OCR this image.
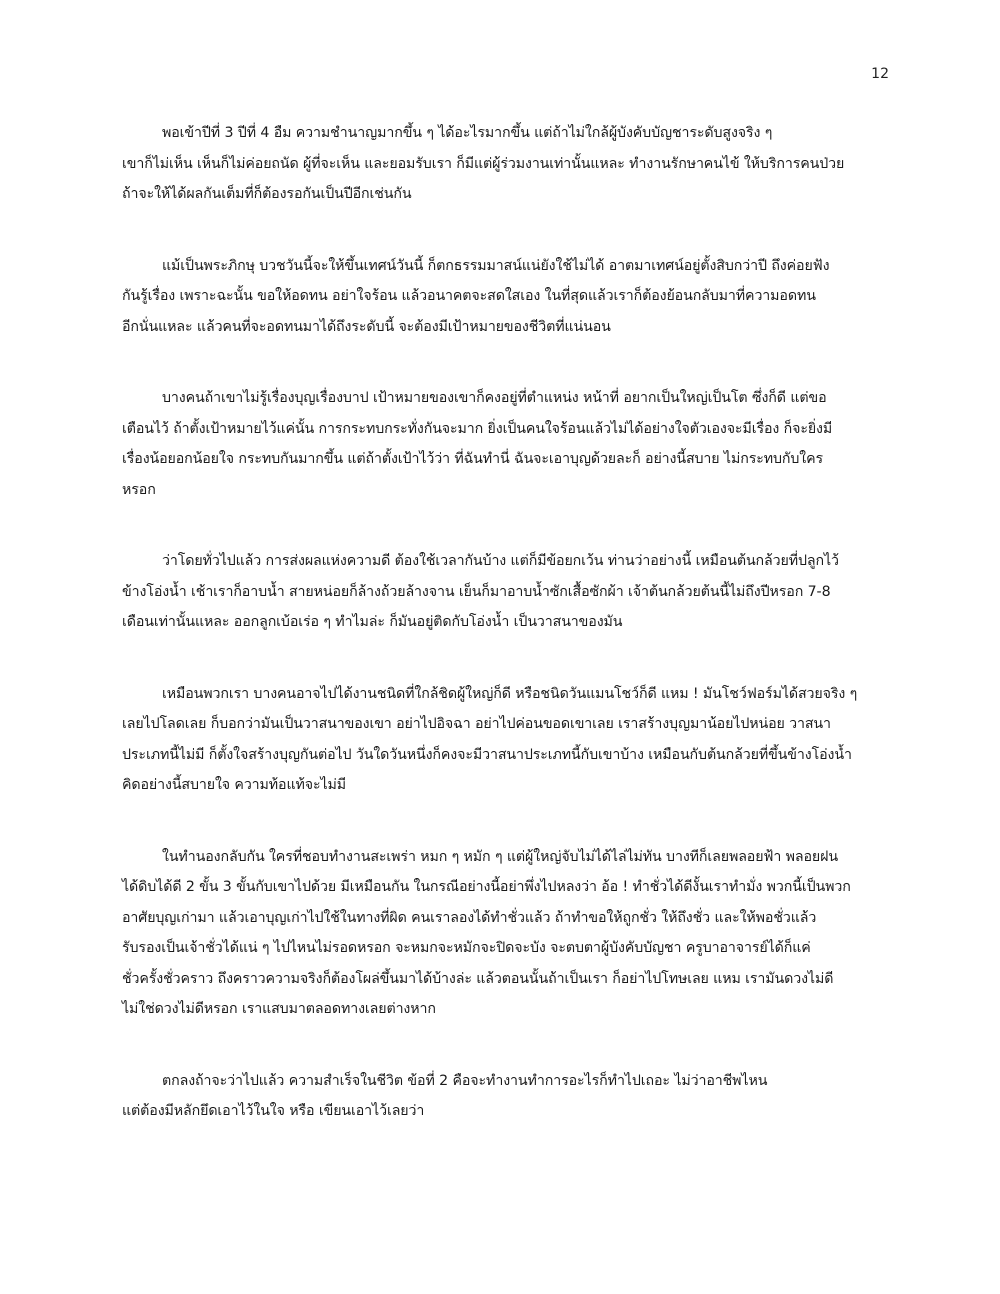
12
พอเข้าปีที่ 3 ปีที่ 4 อืม ความชำนาญมากขึ้น ๆ ได้อะไรมากขึ้น แต่ถ้าไม่ใกล้ผู้บังคับบัญชาระดับสูงจริง ๆ
เขาก็ไม่เห็น เห็นก็ไม่ค่อยถนัด ผู้ที่จะเห็น และยอมรับเรา ก็มีแต่ผู้ร่วมงานเท่านั้นแหละ ทำงานรักษาคนไข้ ให้บริการคนป่วย
ถ้าจะให้ได้ผลกันเต็มที่ก็ต้องรอกันเป็นปีอีกเช่นกัน
แม้เป็นพระภิกษุ บวชวันนี้จะให้ขึ้นเทศน์วันนี้ ก็ตกธรรมมาสน์แน่ยังใช้ไม่ได้ อาตมาเทศน์อยู่ตั้งสิบกว่าปี ถึงค่อยฟัง
กันรู้เรื่อง เพราะฉะนั้น ขอให้อดทน อย่าใจร้อน แล้วอนาคตจะสดใสเอง ในที่สุดแล้วเราก็ต้องย้อนกลับมาที่ความอดทน
อีกนั่นแหละ แล้วคนที่จะอดทนมาได้ถึงระดับนี้ จะต้องมีเป้าหมายของชีวิตที่แน่นอน
บางคนถ้าเขาไม่รู้เรื่องบุญเรื่องบาป เป้าหมายของเขาก็คงอยู่ที่ตำแหน่ง หน้าที่ อยากเป็นใหญ่เป็นโต ซึ่งก็ดี แต่ขอ
เตือนไว้ ถ้าตั้งเป้าหมายไว้แค่นั้น การกระทบกระทั่งกันจะมาก ยิ่งเป็นคนใจร้อนแล้วไม่ได้อย่างใจตัวเองจะมีเรื่อง ก็จะยิ่งมี
เรื่องน้อยอกน้อยใจ กระทบกันมากขึ้น แต่ถ้าตั้งเป้าไว้ว่า ที่ฉันทำนี่ ฉันจะเอาบุญด้วยละก็ อย่างนี้สบาย ไม่กระทบกับใคร
หรอก
ว่าโดยทั่วไปแล้ว การส่งผลแห่งความดี ต้องใช้เวลากันบ้าง แต่ก็มีข้อยกเว้น ท่านว่าอย่างนี้ เหมือนต้นกล้วยที่ปลูกไว้
ข้างโอ่งน้ำ เช้าเราก็อาบน้ำ สายหน่อยก็ล้างถ้วยล้างจาน เย็นก็มาอาบน้ำซักเสื้อซักผ้า เจ้าต้นกล้วยต้นนี้ไม่ถึงปีหรอก 7-8
เดือนเท่านั้นแหละ ออกลูกเบ้อเร่อ ๆ ทำไมล่ะ ก็มันอยู่ติดกับโอ่งน้ำ เป็นวาสนาของมัน
เหมือนพวกเรา บางคนอาจไปได้งานชนิดที่ใกล้ชิดผู้ใหญ่ก็ดี หรือชนิดวันแมนโชว์ก็ดี แหม ! มันโชว์ฟอร์มได้สวยจริง ๆ
เลยไปโลดเลย ก็บอกว่ามันเป็นวาสนาของเขา อย่าไปอิจฉา อย่าไปค่อนขอดเขาเลย เราสร้างบุญมาน้อยไปหน่อย วาสนา
ประเภทนี้ไม่มี ก็ตั้งใจสร้างบุญกันต่อไป วันใดวันหนึ่งก็คงจะมีวาสนาประเภทนี้กับเขาบ้าง เหมือนกับต้นกล้วยที่ขึ้นข้างโอ่งน้ำ
คิดอย่างนี้สบายใจ ความท้อแท้จะไม่มี
ในทำนองกลับกัน ใครที่ชอบทำงานสะเพร่า หมก ๆ หมัก ๆ แต่ผู้ใหญ่จับไม่ได้ไล่ไม่ทัน บางทีก็เลยพลอยฟ้า พลอยฝน
ได้ดิบได้ดี 2 ขั้น 3 ขั้นกับเขาไปด้วย มีเหมือนกัน ในกรณีอย่างนี้อย่าพึ่งไปหลงว่า อ้อ ! ทำชั่วได้ดีงั้นเราทำมั่ง พวกนี้เป็นพวก
อาศัยบุญเก่ามา แล้วเอาบุญเก่าไปใช้ในทางที่ผิด คนเราลองได้ทำชั่วแล้ว ถ้าทำขอให้ถูกชั่ว ให้ถึงชั่ว และให้พอชั่วแล้ว
รับรองเป็นเจ้าชั่วได้แน่ ๆ ไปไหนไม่รอดหรอก จะหมกจะหมักจะปิดจะบัง จะตบตาผู้บังคับบัญชา ครูบาอาจารย์ได้ก็แค่
ชั่วครั้งชั่วคราว ถึงคราวความจริงก็ต้องโผล่ขึ้นมาได้บ้างล่ะ แล้วตอนนั้นถ้าเป็นเรา ก็อย่าไปโทษเลย แหม เรามันดวงไม่ดี
ไม่ใช่ดวงไม่ดีหรอก เราแสบมาตลอดทางเลยต่างหาก
ตกลงถ้าจะว่าไปแล้ว ความสำเร็จในชีวิต ข้อที่ 2 คือจะทำงานทำการอะไรก็ทำไปเถอะ ไม่ว่าอาชีพไหน
แต่ต้องมีหลักยึดเอาไว้ในใจ หรือ เขียนเอาไว้เลยว่า
